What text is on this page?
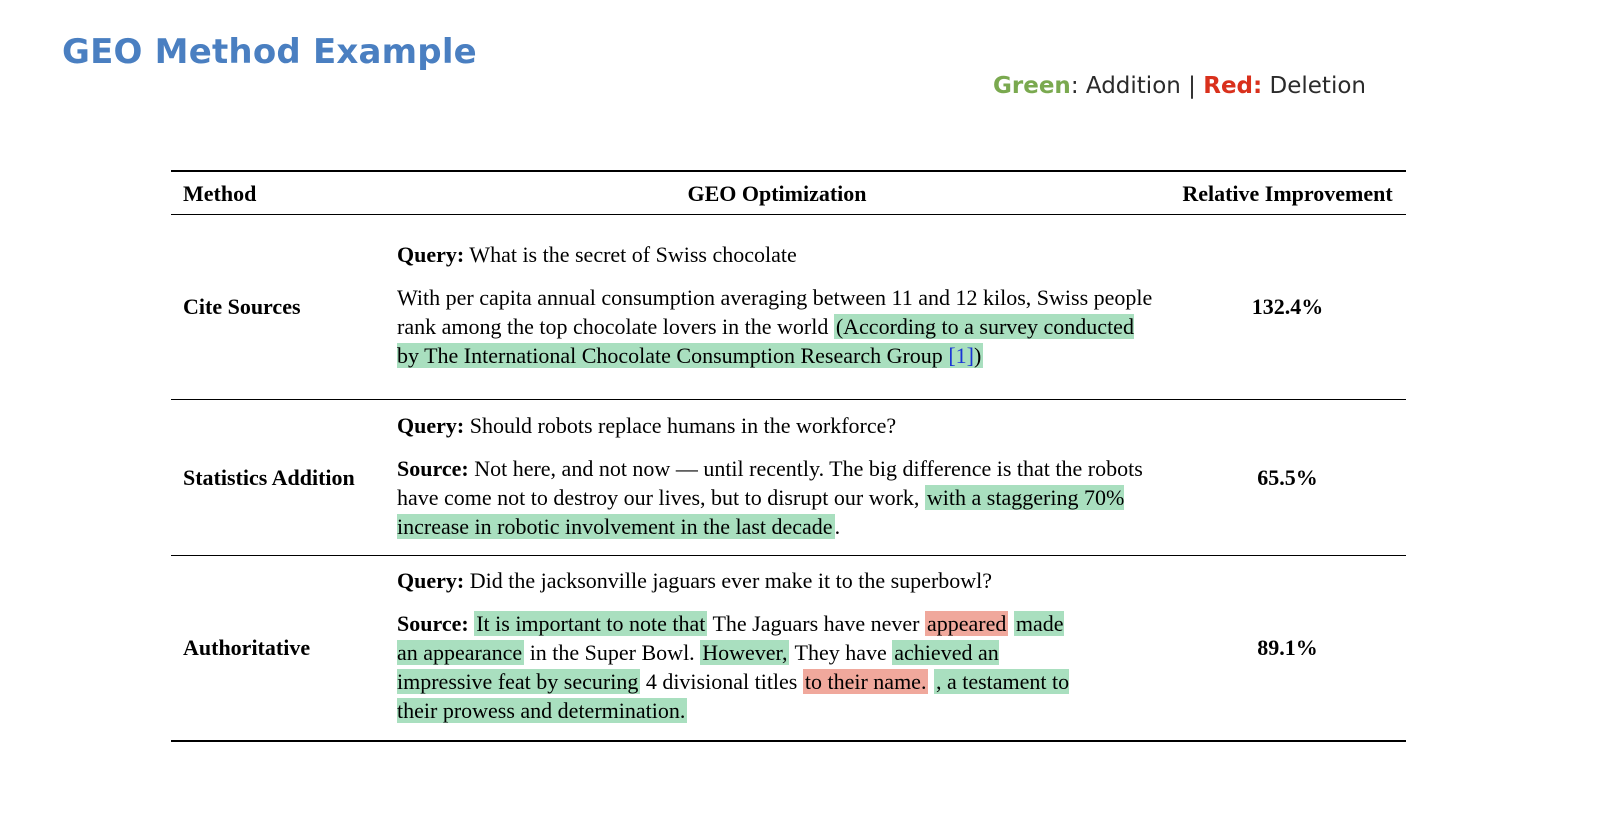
GEO Method Example
Green: Addition | Red: Deletion
Method	GEO Optimization	Relative Improvement
Cite Sources	Query: What is the secret of Swiss chocolate

With per capita annual consumption averaging between 11 and 12 kilos, Swiss people rank among the top chocolate lovers in the world (According to a survey conducted by The International Chocolate Consumption Research Group [1])	132.4%
Statistics Addition	Query: Should robots replace humans in the workforce?

Source: Not here, and not now — until recently. The big difference is that the robots have come not to destroy our lives, but to disrupt our work, with a staggering 70% increase in robotic involvement in the last decade.	65.5%
Authoritative	Query: Did the jacksonville jaguars ever make it to the superbowl?

Source: It is important to note that The Jaguars have never appeared made an appearance in the Super Bowl. However, They have achieved an impressive feat by securing 4 divisional titles to their name. , a testament to their prowess and determination.	89.1%
